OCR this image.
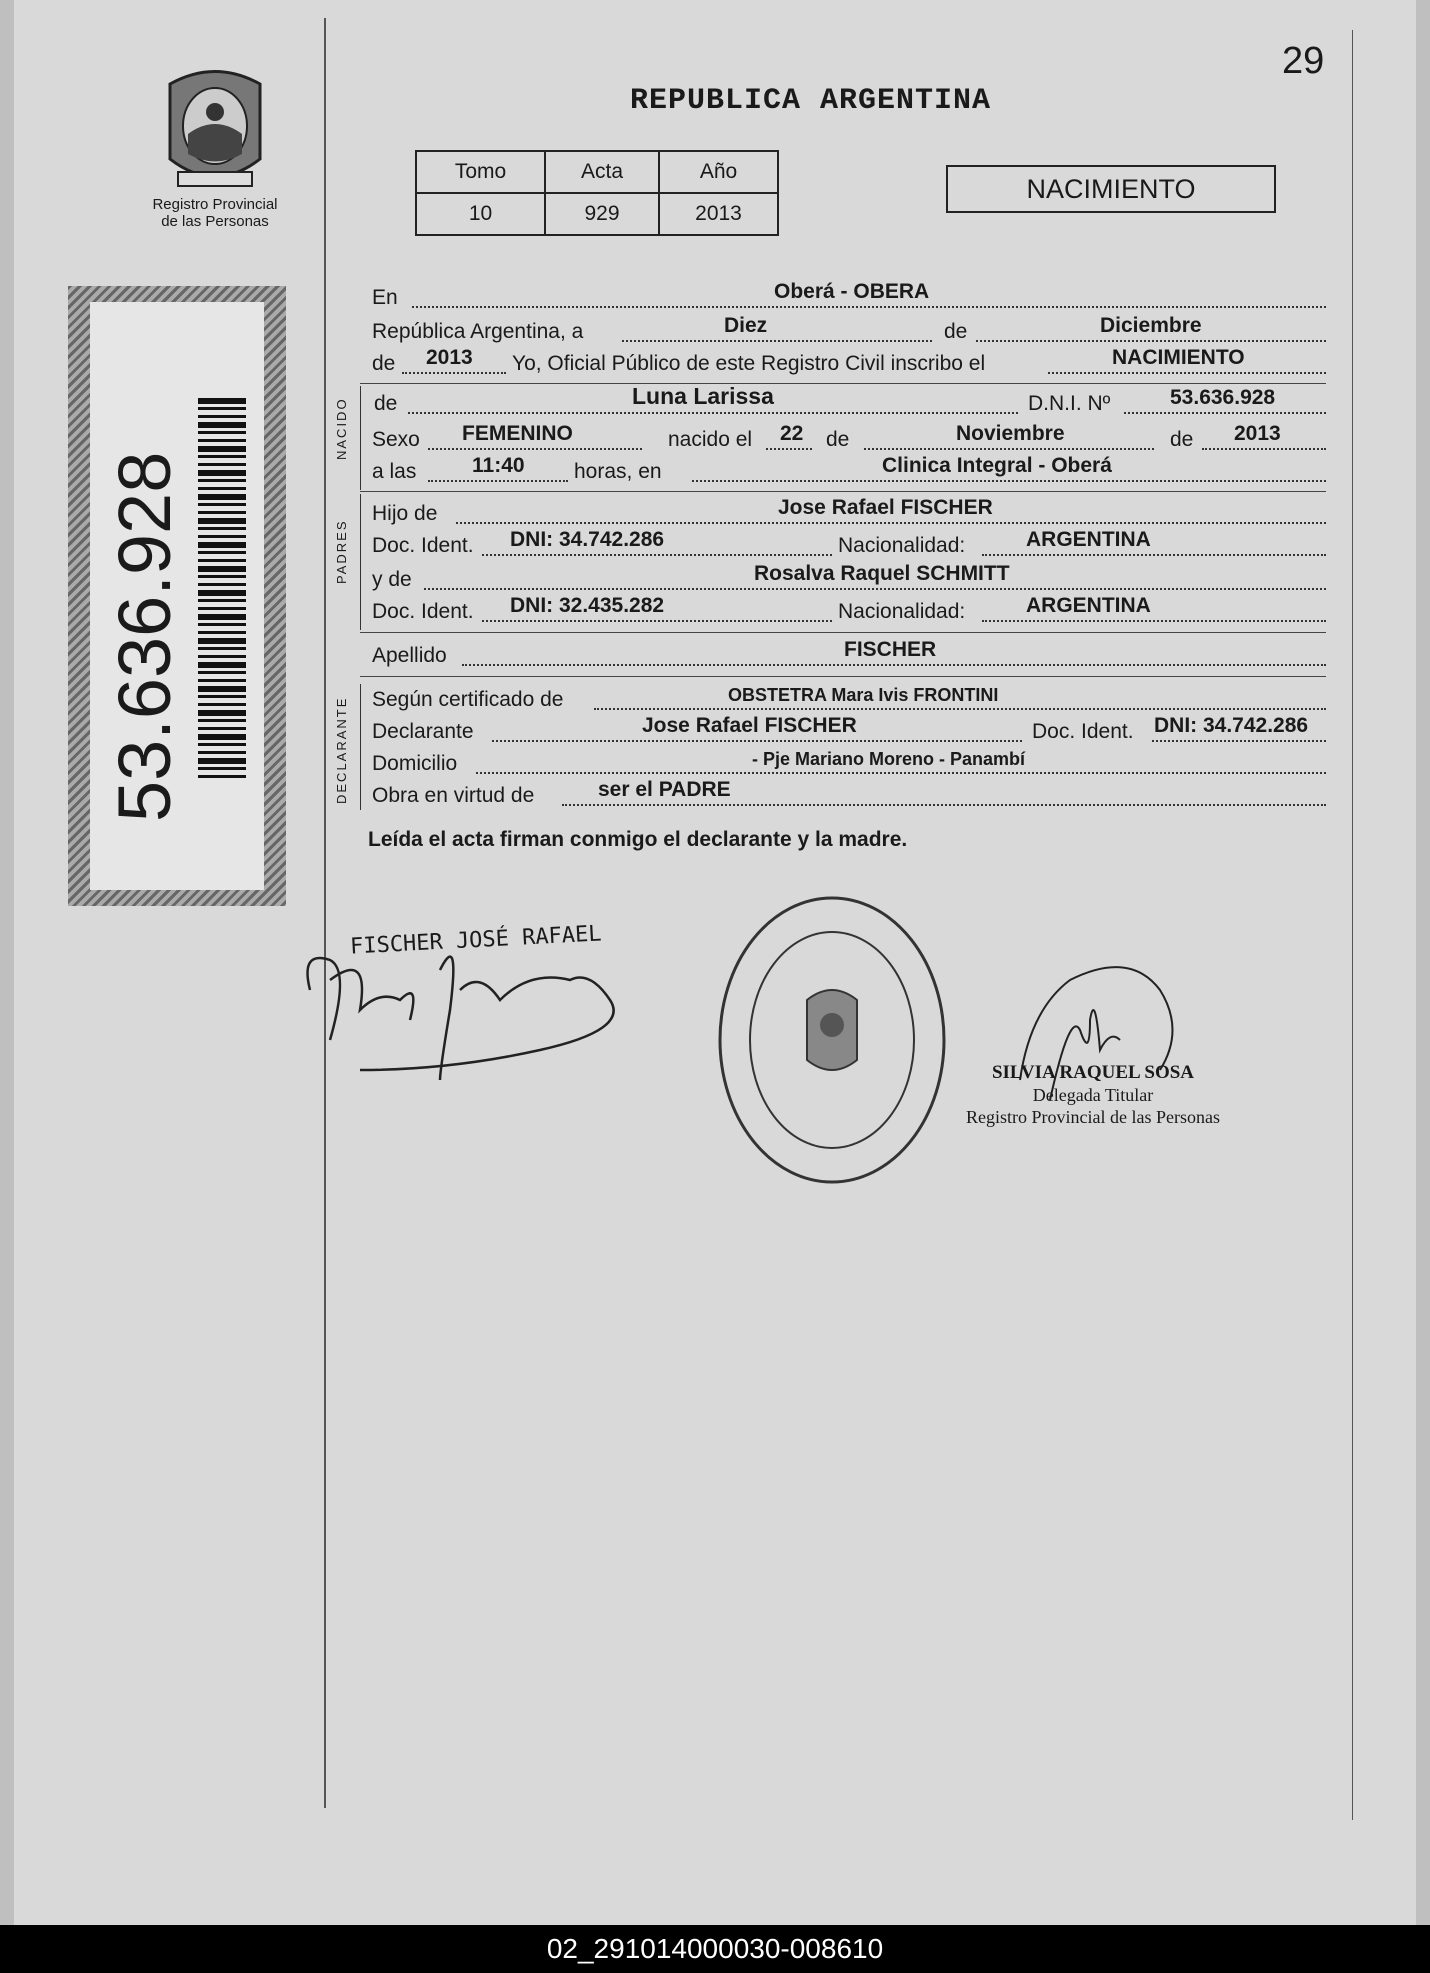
29
Registro Provincial
de las Personas
REPUBLICA ARGENTINA
Tomo	Acta	Año
10	929	2013
NACIMIENTO
53.636.928
NACIDO
PADRES
DECLARANTE
En	Oberá - OBERA
República Argentina, a	Diez	de	Diciembre
de 2013 Yo, Oficial Público de este Registro Civil inscribo el	NACIMIENTO
de	Luna Larissa	D.N.I. Nº	53.636.928
Sexo FEMENINO	nacido el 22 de	Noviembre	de 2013
a las	11:40 horas, en	Clinica Integral - Oberá
Hijo de	Jose Rafael FISCHER
Doc. Ident. DNI: 34.742.286	Nacionalidad:	ARGENTINA
y de	Rosalva Raquel SCHMITT
Doc. Ident. DNI: 32.435.282	Nacionalidad:	ARGENTINA
Apellido	FISCHER
Según certificado de	OBSTETRA Mara Ivis FRONTINI
Declarante	Jose Rafael FISCHER	Doc. Ident. DNI: 34.742.286
Domicilio	- Pje Mariano Moreno - Panambí
Obra en virtud de	ser el PADRE
Leída el acta firman conmigo el declarante y la madre.
FISCHER JOSÉ RAFAEL
SILVIA RAQUEL SOSA
Delegada Titular
Registro Provincial de las Personas
02_291014000030-008610
